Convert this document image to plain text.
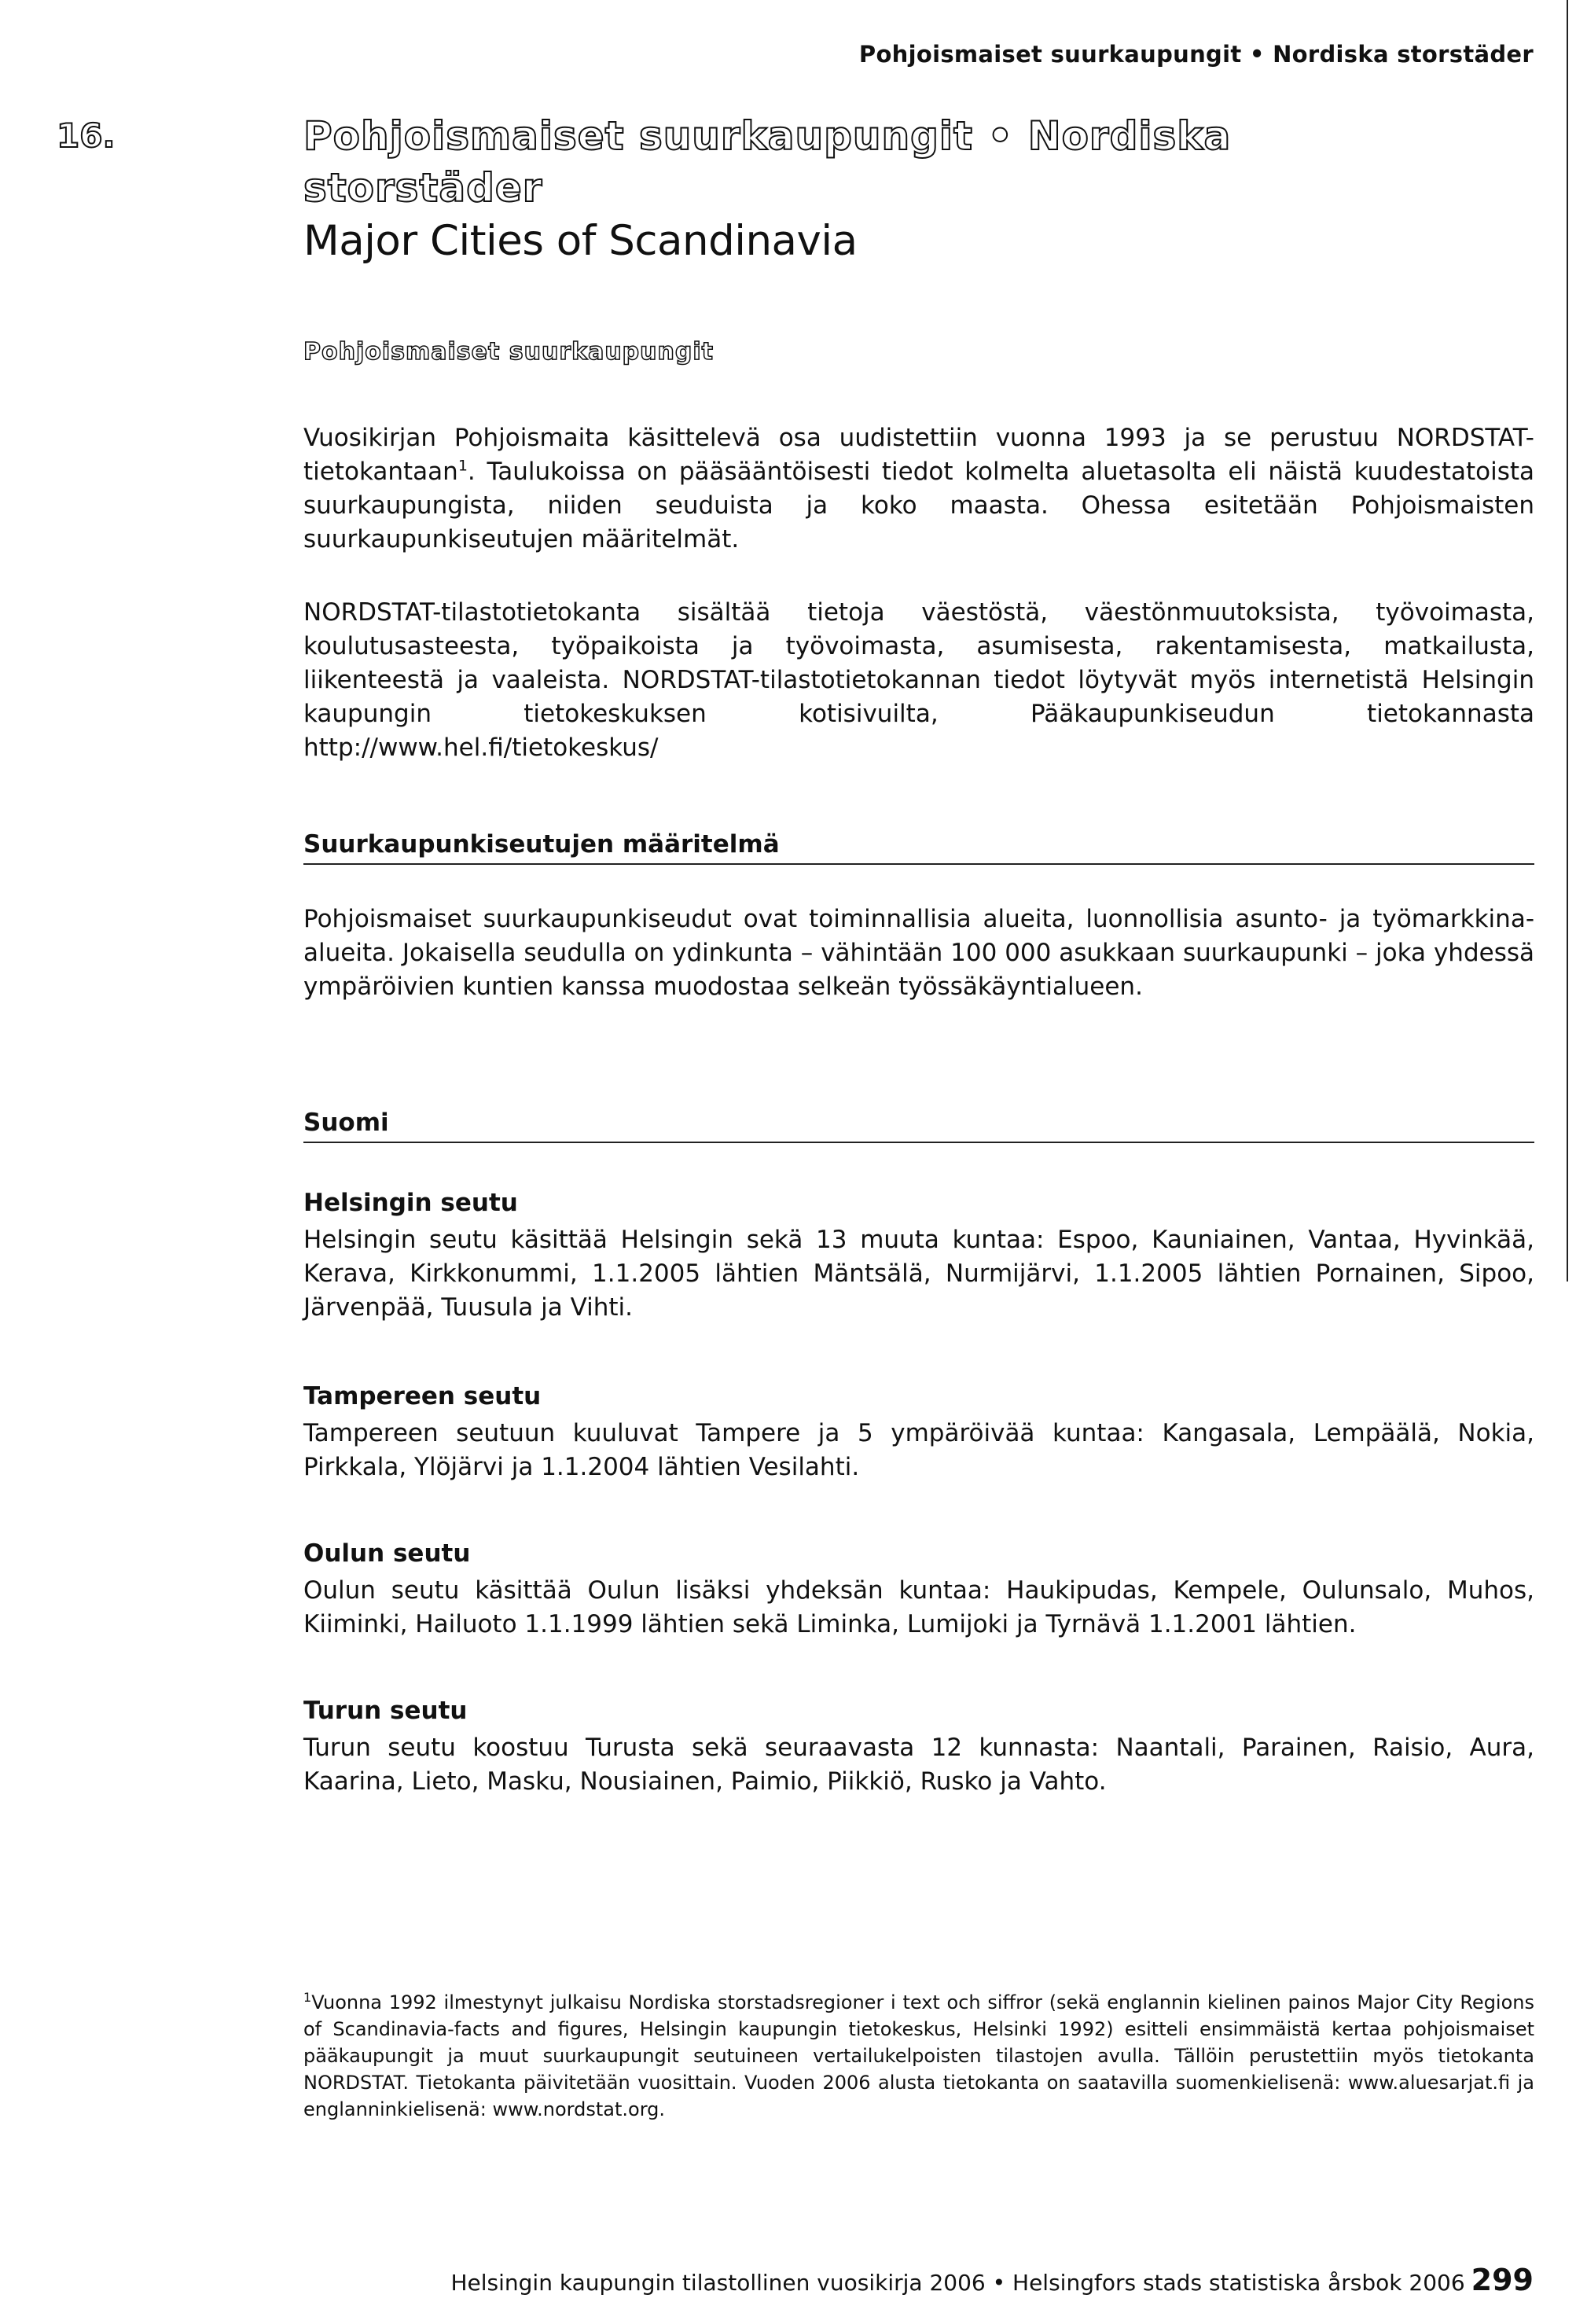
Pohjoismaiset suurkaupungit • Nordiska storstäder
16.	Pohjoismaiset suurkaupungit • Nordiska storstäder
Major Cities of Scandinavia
Pohjoismaiset suurkaupungit
Vuosikirjan Pohjoismaita käsittelevä osa uudistettiin vuonna 1993 ja se perustuu NORDSTAT-tietokantaan$^1$. Taulukoissa on pääsääntöisesti tiedot kolmelta aluetasolta eli näistä kuudestatoista suurkaupungista, niiden seuduista ja koko maasta. Ohessa esitetään Pohjoismaisten suurkaupunkiseutujen määritelmät.
NORDSTAT-tilastotietokanta sisältää tietoja väestöstä, väestönmuutoksista, työvoimasta, koulutusasteesta, työpaikoista ja työvoimasta, asumisesta, rakentamisesta, matkailusta, liikenteestä ja vaaleista. NORDSTAT-tilastotietokannan tiedot löytyvät myös internetistä Helsingin kaupungin tietokeskuksen kotisivuilta, Pääkaupunkiseudun tietokannasta http://www.hel.fi/tietokeskus/
Suurkaupunkiseutujen määritelmä
Pohjoismaiset suurkaupunkiseudut ovat toiminnallisia alueita, luonnollisia asunto- ja työmarkkina-alueita. Jokaisella seudulla on ydinkunta – vähintään 100 000 asukkaan suurkaupunki – joka yhdessä ympäröivien kuntien kanssa muodostaa selkeän työssäkäyntialueen.
Suomi
Helsingin seutu
Helsingin seutu käsittää Helsingin sekä 13 muuta kuntaa: Espoo, Kauniainen, Vantaa, Hyvinkää, Kerava, Kirkkonummi, 1.1.2005 lähtien Mäntsälä, Nurmijärvi, 1.1.2005 lähtien Pornainen, Sipoo, Järvenpää, Tuusula ja Vihti.
Tampereen seutu
Tampereen seutuun kuuluvat Tampere ja 5 ympäröivää kuntaa: Kangasala, Lempäälä, Nokia, Pirkkala, Ylöjärvi ja 1.1.2004 lähtien Vesilahti.
Oulun seutu
Oulun seutu käsittää Oulun lisäksi yhdeksän kuntaa: Haukipudas, Kempele, Oulunsalo, Muhos, Kiiminki, Hailuoto 1.1.1999 lähtien sekä Liminka, Lumijoki ja Tyrnävä 1.1.2001 lähtien.
Turun seutu
Turun seutu koostuu Turusta sekä seuraavasta 12 kunnasta: Naantali, Parainen, Raisio, Aura, Kaarina, Lieto, Masku, Nousiainen, Paimio, Piikkiö, Rusko ja Vahto.
$^1$Vuonna 1992 ilmestynyt julkaisu Nordiska storstadsregioner i text och siffror (sekä englannin kielinen painos Major City Regions of Scandinavia-facts and figures, Helsingin kaupungin tietokeskus, Helsinki 1992) esitteli ensimmäistä kertaa pohjoismaiset pääkaupungit ja muut suurkaupungit seutuineen vertailukelpoisten tilastojen avulla. Tällöin perustettiin myös tietokanta NORDSTAT. Tietokanta päivitetään vuosittain. Vuoden 2006 alusta tietokanta on saatavilla suomenkielisenä: www.aluesarjat.fi ja englanninkielisenä: www.nordstat.org.
Helsingin kaupungin tilastollinen vuosikirja 2006 • Helsingfors stads statistiska årsbok 2006 299
